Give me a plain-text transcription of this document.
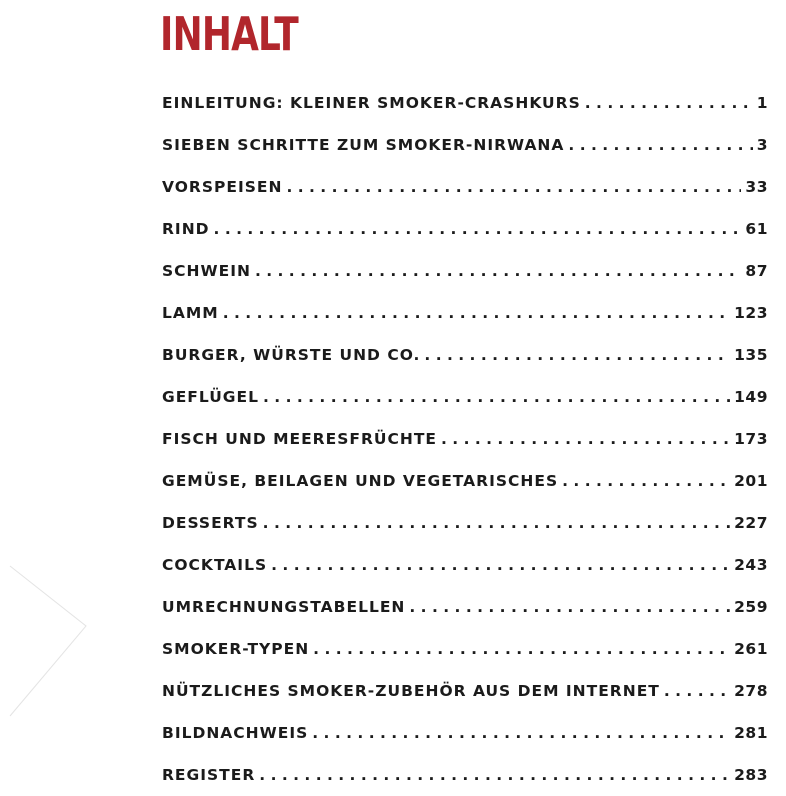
INHALT
EINLEITUNG: KLEINER SMOKER-CRASHKURS . . .	1
SIEBEN SCHRITTE ZUM SMOKER-NIRWANA . . .	3
VORSPEISEN . . .	33
RIND . . .	61
SCHWEIN . . .	87
LAMM . . .	123
BURGER, WÜRSTE UND CO. . . .	135
GEFLÜGEL . . .	149
FISCH UND MEERESFRÜCHTE . . .	173
GEMÜSE, BEILAGEN UND VEGETARISCHES . . .	201
DESSERTS . . .	227
COCKTAILS . . .	243
UMRECHNUNGSTABELLEN . . .	259
SMOKER-TYPEN . . .	261
NÜTZLICHES SMOKER-ZUBEHÖR AUS DEM INTERNET . . .	278
BILDNACHWEIS . . .	281
REGISTER . . .	283
